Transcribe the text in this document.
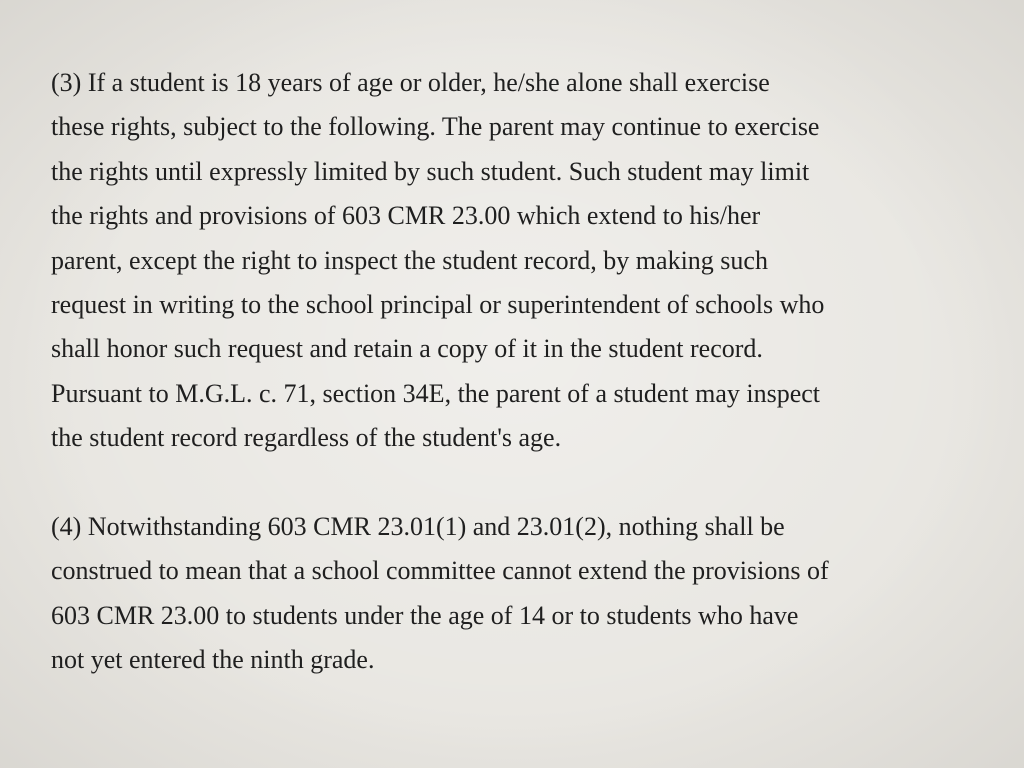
(3) If a student is 18 years of age or older, he/she alone shall exercise
these rights, subject to the following. The parent may continue to exercise
the rights until expressly limited by such student. Such student may limit
the rights and provisions of 603 CMR 23.00 which extend to his/her
parent, except the right to inspect the student record, by making such
request in writing to the school principal or superintendent of schools who
shall honor such request and retain a copy of it in the student record.
Pursuant to M.G.L. c. 71, section 34E, the parent of a student may inspect
the student record regardless of the student's age.

(4) Notwithstanding 603 CMR 23.01(1) and 23.01(2), nothing shall be
construed to mean that a school committee cannot extend the provisions of
603 CMR 23.00 to students under the age of 14 or to students who have
not yet entered the ninth grade.
